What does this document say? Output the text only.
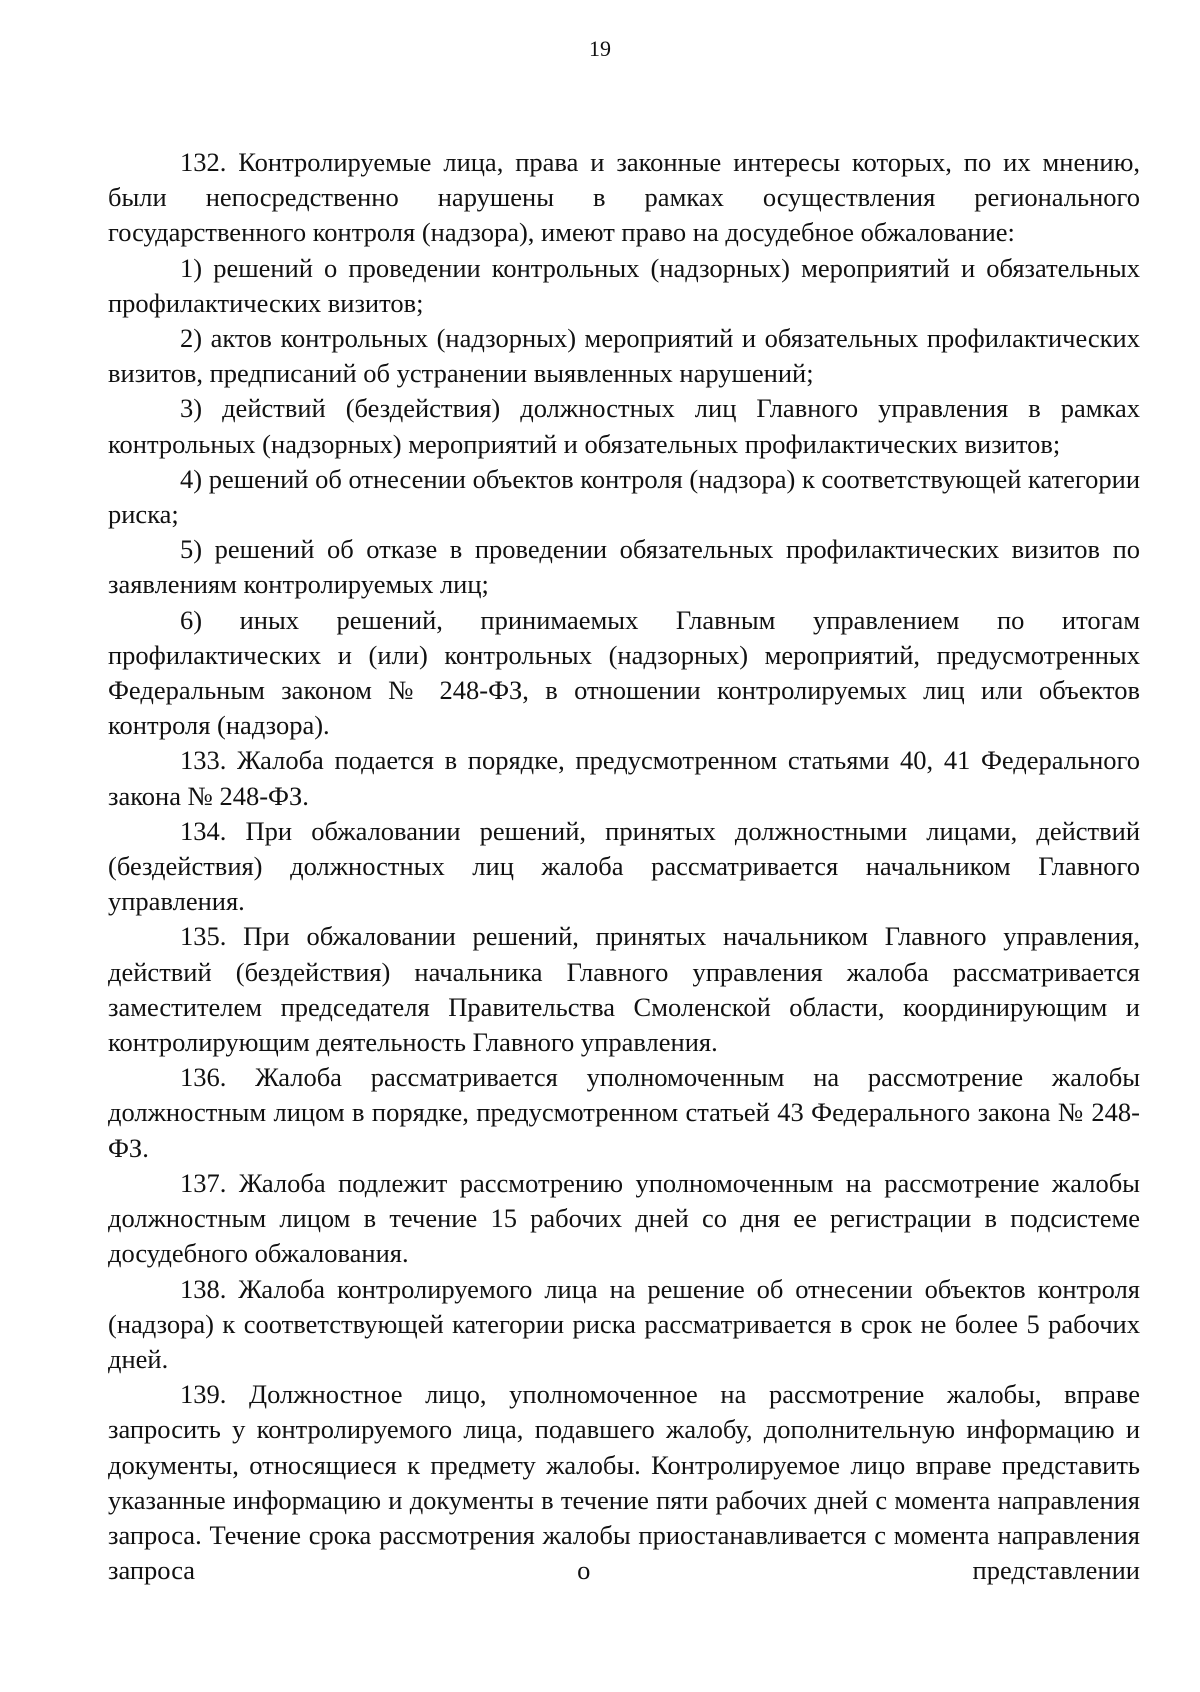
19

132. Контролируемые лица, права и законные интересы которых, по их мнению, были непосредственно нарушены в рамках осуществления регионального государственного контроля (надзора), имеют право на досудебное обжалование:

1) решений о проведении контрольных (надзорных) мероприятий и обязательных профилактических визитов;

2) актов контрольных (надзорных) мероприятий и обязательных профилактических визитов, предписаний об устранении выявленных нарушений;

3) действий (бездействия) должностных лиц Главного управления в рамках контрольных (надзорных) мероприятий и обязательных профилактических визитов;

4) решений об отнесении объектов контроля (надзора) к соответствующей категории риска;

5) решений об отказе в проведении обязательных профилактических визитов по заявлениям контролируемых лиц;

6) иных решений, принимаемых Главным управлением по итогам профилактических и (или) контрольных (надзорных) мероприятий, предусмотренных Федеральным законом № 248-ФЗ, в отношении контролируемых лиц или объектов контроля (надзора).

133. Жалоба подается в порядке, предусмотренном статьями 40, 41 Федерального закона № 248-ФЗ.

134. При обжаловании решений, принятых должностными лицами, действий (бездействия) должностных лиц жалоба рассматривается начальником Главного управления.

135. При обжаловании решений, принятых начальником Главного управления, действий (бездействия) начальника Главного управления жалоба рассматривается заместителем председателя Правительства Смоленской области, координирующим и контролирующим деятельность Главного управления.

136. Жалоба рассматривается уполномоченным на рассмотрение жалобы должностным лицом в порядке, предусмотренном статьей 43 Федерального закона № 248-ФЗ.

137. Жалоба подлежит рассмотрению уполномоченным на рассмотрение жалобы должностным лицом в течение 15 рабочих дней со дня ее регистрации в подсистеме досудебного обжалования.

138. Жалоба контролируемого лица на решение об отнесении объектов контроля (надзора) к соответствующей категории риска рассматривается в срок не более 5 рабочих дней.

139. Должностное лицо, уполномоченное на рассмотрение жалобы, вправе запросить у контролируемого лица, подавшего жалобу, дополнительную информацию и документы, относящиеся к предмету жалобы. Контролируемое лицо вправе представить указанные информацию и документы в течение пяти рабочих дней с момента направления запроса. Течение срока рассмотрения жалобы приостанавливается с момента направления запроса о представлении
